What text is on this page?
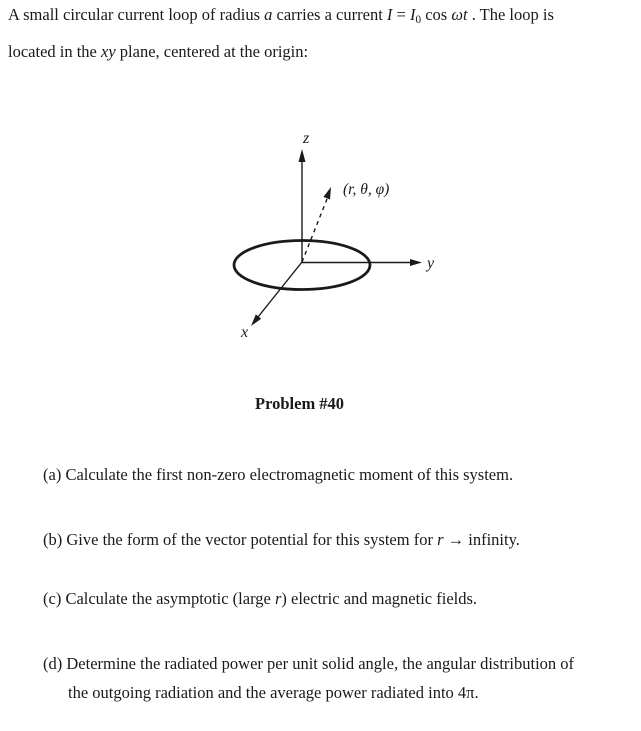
A small circular current loop of radius a carries a current $I = I_0$ cos ωt . The loop is

located in the xy plane, centered at the origin:

z
y
x
(r, θ, φ)

Problem #40

(a) Calculate the first non-zero electromagnetic moment of this system.

(b) Give the form of the vector potential for this system for r → infinity.

(c) Calculate the asymptotic (large r) electric and magnetic fields.

(d) Determine the radiated power per unit solid angle, the angular distribution of
the outgoing radiation and the average power radiated into 4π.
